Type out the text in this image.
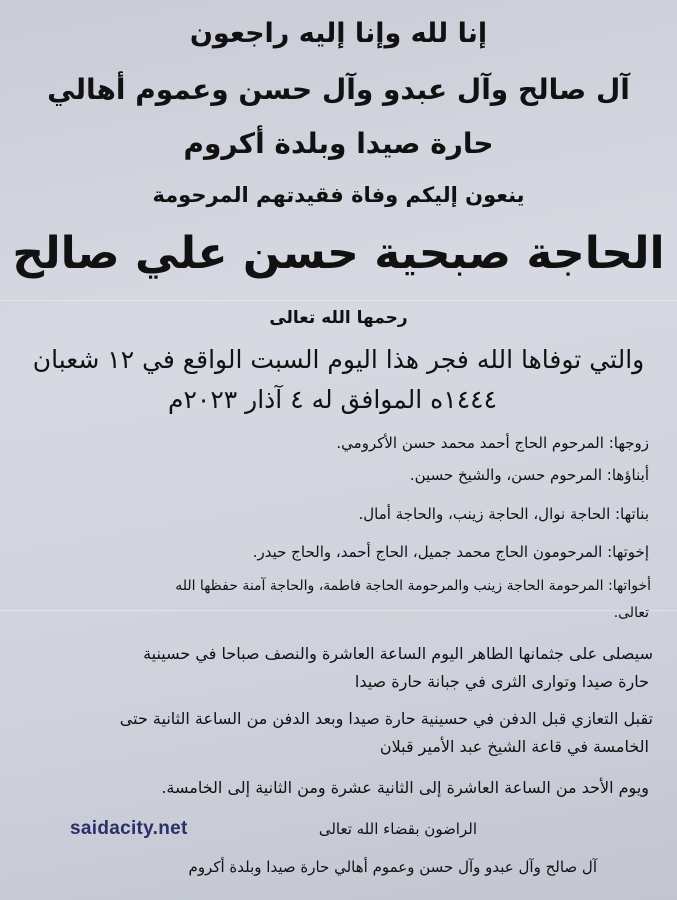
إنا لله وإنا إليه راجعون

آل صالح وآل عبدو وآل حسن وعموم أهالي

حارة صيدا وبلدة أكروم

ينعون إليكم وفاة فقيدتهم المرحومة

الحاجة صبحية حسن علي صالح

رحمها الله تعالى

والتي توفاها الله فجر هذا اليوم السبت الواقع في ١٢ شعبان

١٤٤٤ه الموافق له ٤ آذار ٢٠٢٣م

زوجها: المرحوم الحاج أحمد محمد حسن الأكرومي.

أبناؤها: المرحوم حسن، والشيخ حسين.

بناتها: الحاجة نوال، الحاجة زينب، والحاجة أمال.

إخوتها: المرحومون الحاج محمد جميل، الحاج أحمد، والحاج حيدر.

أخواتها: المرحومة الحاجة زينب والمرحومة الحاجة فاطمة، والحاجة آمنة حفظها الله

تعالى.

سيصلى على جثمانها الطاهر اليوم الساعة العاشرة والنصف صباحا في حسينية

حارة صيدا وتوارى الثرى في جبانة حارة صيدا

تقبل التعازي قبل الدفن في حسينية حارة صيدا وبعد الدفن من الساعة الثانية حتى

الخامسة في قاعة الشيخ عبد الأمير قبلان

ويوم الأحد من الساعة العاشرة إلى الثانية عشرة ومن الثانية إلى الخامسة.

الراضون بقضاء الله تعالى

saidacity.net

آل صالح وآل عبدو وآل حسن وعموم أهالي حارة صيدا وبلدة أكروم
